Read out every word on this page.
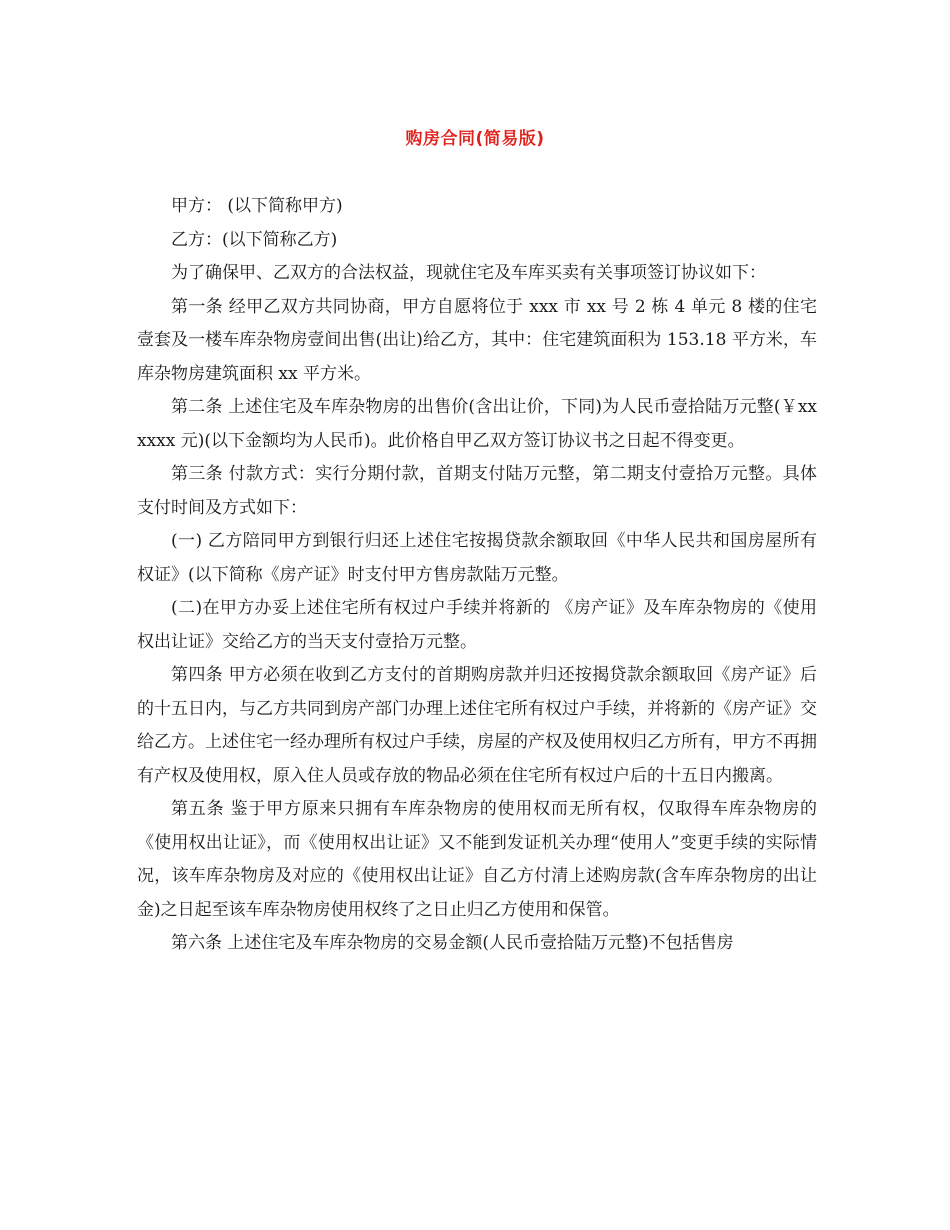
购房合同(简易版)

甲方： (以下简称甲方)

乙方：(以下简称乙方)

为了确保甲、乙双方的合法权益，现就住宅及车库买卖有关事项签订协议如下：

第一条 经甲乙双方共同协商，甲方自愿将位于 xxx 市 xx 号 2 栋 4 单元 8 楼的住宅壹套及一楼车库杂物房壹间出售(出让)给乙方，其中：住宅建筑面积为 153.18 平方米，车库杂物房建筑面积 xx 平方米。

第二条 上述住宅及车库杂物房的出售价(含出让价，下同)为人民币壹拾陆万元整(￥xxxxxx 元)(以下金额均为人民币)。此价格自甲乙双方签订协议书之日起不得变更。

第三条 付款方式：实行分期付款，首期支付陆万元整，第二期支付壹拾万元整。具体支付时间及方式如下：

(一) 乙方陪同甲方到银行归还上述住宅按揭贷款余额取回《中华人民共和国房屋所有权证》(以下简称《房产证》时支付甲方售房款陆万元整。

(二)在甲方办妥上述住宅所有权过户手续并将新的 《房产证》及车库杂物房的《使用权出让证》交给乙方的当天支付壹拾万元整。

第四条 甲方必须在收到乙方支付的首期购房款并归还按揭贷款余额取回《房产证》后的十五日内，与乙方共同到房产部门办理上述住宅所有权过户手续，并将新的《房产证》交给乙方。上述住宅一经办理所有权过户手续，房屋的产权及使用权归乙方所有，甲方不再拥有产权及使用权，原入住人员或存放的物品必须在住宅所有权过户后的十五日内搬离。

第五条 鉴于甲方原来只拥有车库杂物房的使用权而无所有权，仅取得车库杂物房的《使用权出让证》，而《使用权出让证》又不能到发证机关办理“使用人”变更手续的实际情况，该车库杂物房及对应的《使用权出让证》自乙方付清上述购房款(含车库杂物房的出让金)之日起至该车库杂物房使用权终了之日止归乙方使用和保管。

第六条 上述住宅及车库杂物房的交易金额(人民币壹拾陆万元整)不包括售房
